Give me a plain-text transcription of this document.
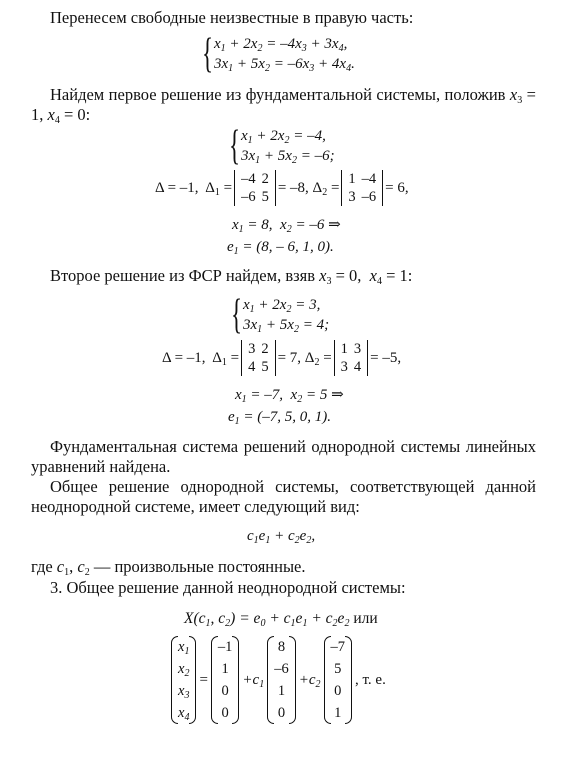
Перенесем свободные неизвестные в правую часть:

{ $x_1 + 2x_2 = -4x_3 + 3x_4$,
$3x_1 + 5x_2 = -6x_3 + 4x_4$.

Найдем первое решение из фундаментальной системы, положив $x_3 = 1$, $x_4 = 0$:

{ $x_1 + 2x_2 = -4$,
$3x_1 + 5x_2 = -6$;
Δ = –1,  $\Delta_1$ =
–4	2
–6	5
= –8, $\Delta_2$ =
1	–4
3	–6
= 6,
$x_1 = 8$,  $x_2 = -6$ ⇒
$e_1 = (8$, – 6, 1, 0).

Второе решение из ФСР найдем, взяв $x_3 = 0$,  $x_4 = 1$:

{ $x_1 + 2x_2 = 3$,
$3x_1 + 5x_2 = 4$;
Δ = –1,  $\Delta_1$ =
3	2
4	5
= 7, $\Delta_2$ =
1	3
3	4
= –5,
$x_1 = -7$,  $x_2 = 5$ ⇒
$e_1 = (-7$, 5, 0, 1).

Фундаментальная система решений однородной системы линейных уравнений найдена.

Общее решение однородной системы, соответствующей данной неоднородной системе, имеет следующий вид:

$c_1e_1 + c_2e_2$,

где $c_1$, $c_2$ — произвольные постоянные.

3. Общее решение данной неоднородной системы:

$X(c_1$, $c_2) = e_0 + c_1e_1 + c_2e_2$ или
$x_1$
$x_2$
$x_3$
$x_4$
=
–1
1
0
0
$+c_1$
8
–6
1
0
$+c_2$
–7
5
0
1
, т. е.
